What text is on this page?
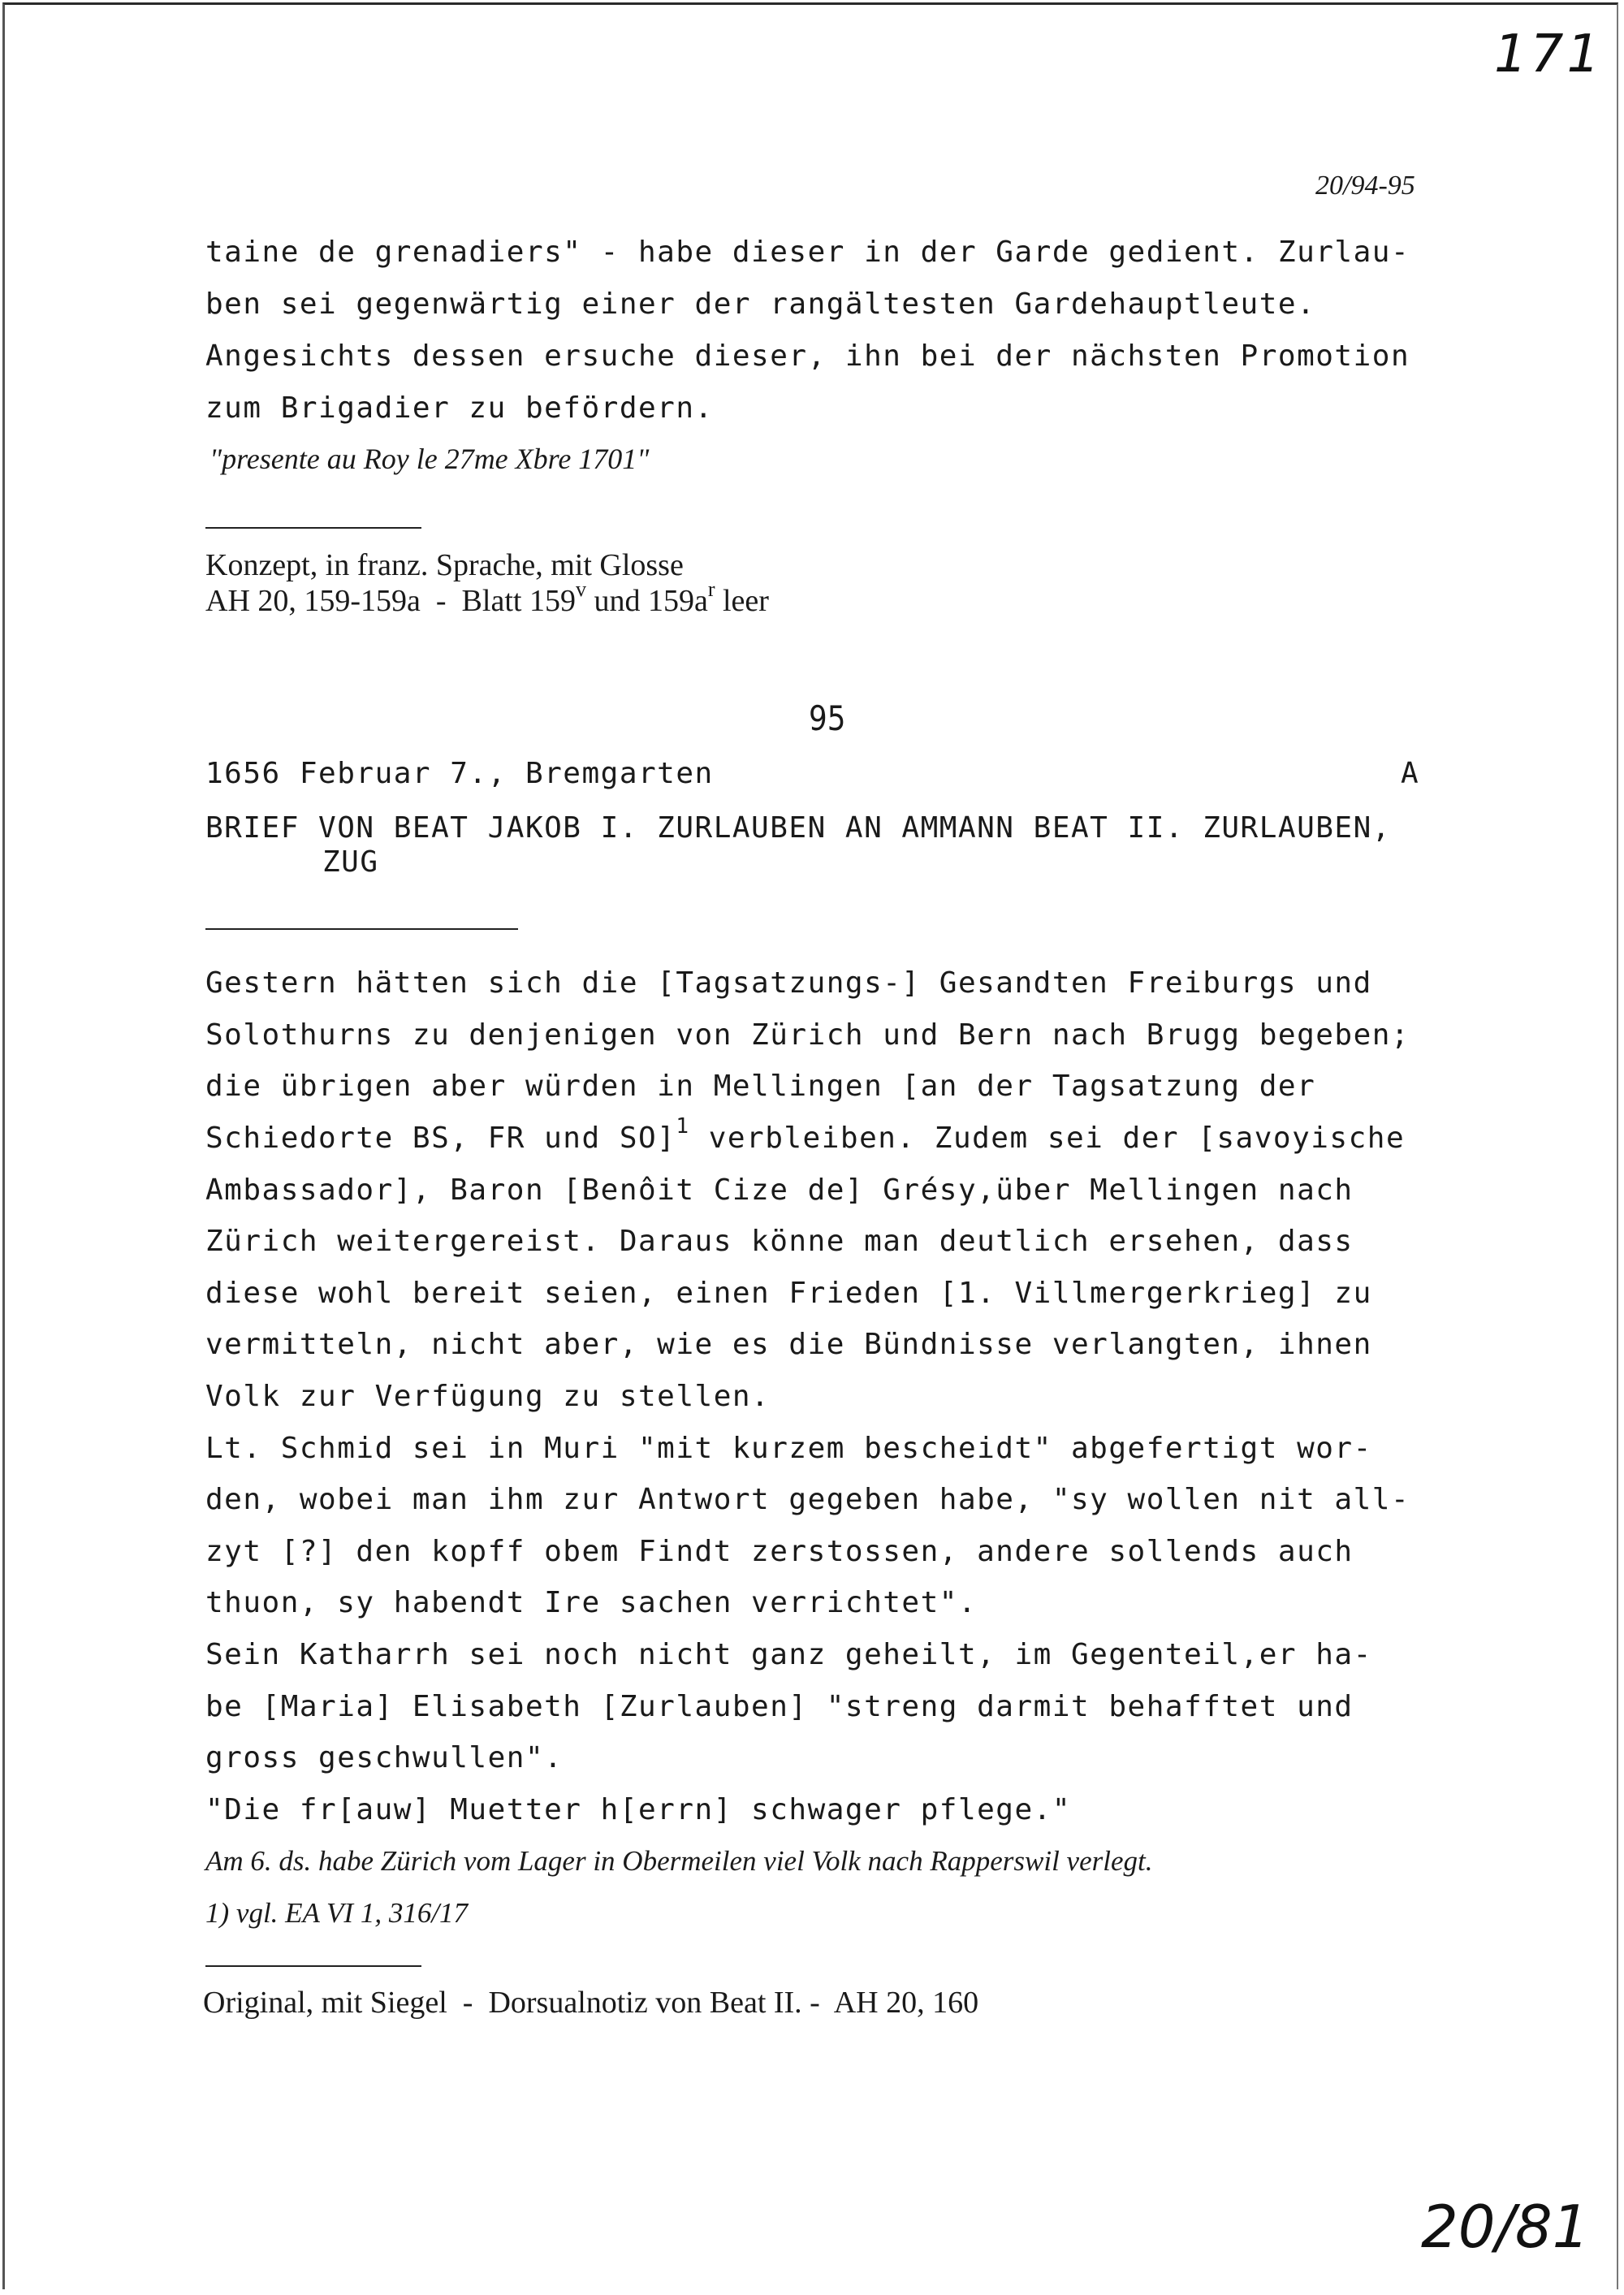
171
20/81
20/94-95
taine de grenadiers" - habe dieser in der Garde gedient. Zurlau-
ben sei gegenwärtig einer der rangältesten Gardehauptleute.
Angesichts dessen ersuche dieser, ihn bei der nächsten Promotion
zum Brigadier zu befördern.
"presente au Roy le 27me Xbre 1701"
Konzept, in franz. Sprache, mit Glosse
AH 20, 159-159a  -  Blatt 159$^v$ und $159a^r$ leer
95
1656 Februar 7., Bremgarten	A
BRIEF VON BEAT JAKOB I. ZURLAUBEN AN AMMANN BEAT II. ZURLAUBEN,
ZUG
Gestern hätten sich die [Tagsatzungs-] Gesandten Freiburgs und
Solothurns zu denjenigen von Zürich und Bern nach Brugg begeben;
die übrigen aber würden in Mellingen [an der Tagsatzung der
Schiedorte BS, FR und SO]$^1$ verbleiben. Zudem sei der [savoyische
Ambassador], Baron [Benôit Cize de] Grésy,über Mellingen nach
Zürich weitergereist. Daraus könne man deutlich ersehen, dass
diese wohl bereit seien, einen Frieden [1. Villmergerkrieg] zu
vermitteln, nicht aber, wie es die Bündnisse verlangten, ihnen
Volk zur Verfügung zu stellen.
Lt. Schmid sei in Muri "mit kurzem bescheidt" abgefertigt wor-
den, wobei man ihm zur Antwort gegeben habe, "sy wollen nit all-
zyt [?] den kopff obem Findt zerstossen, andere sollends auch
thuon, sy habendt Ire sachen verrichtet".
Sein Katharrh sei noch nicht ganz geheilt, im Gegenteil,er ha-
be [Maria] Elisabeth [Zurlauben] "streng darmit behafftet und
gross geschwullen".
"Die fr[auw] Muetter h[errn] schwager pflege."
Am 6. ds. habe Zürich vom Lager in Obermeilen viel Volk nach Rapperswil verlegt.
1) vgl. EA VI 1, 316/17
Original, mit Siegel  -  Dorsualnotiz von Beat II. -  AH 20, 160
